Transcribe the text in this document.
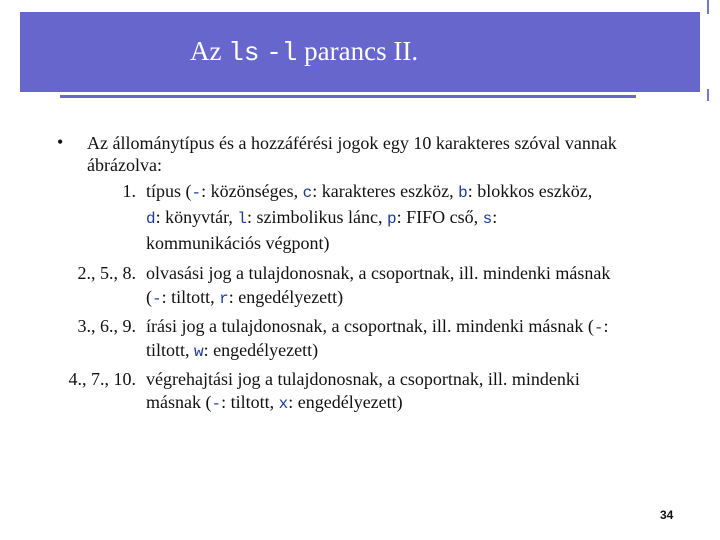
Az ls -l parancs II.
• Az állománytípus és a hozzáférési jogok egy 10 karakteres szóval vannak ábrázolva:
1. típus (-: közönséges, c: karakteres eszköz, b: blokkos eszköz,
d: könyvtár, l: szimbolikus lánc, p: FIFO cső, s:
kommunikációs végpont)
2., 5., 8. olvasási jog a tulajdonosnak, a csoportnak, ill. mindenki másnak
(-: tiltott, r: engedélyezett)
3., 6., 9. írási jog a tulajdonosnak, a csoportnak, ill. mindenki másnak (-:
tiltott, w: engedélyezett)
4., 7., 10. végrehajtási jog a tulajdonosnak, a csoportnak, ill. mindenki
másnak (-: tiltott, x: engedélyezett)
34
